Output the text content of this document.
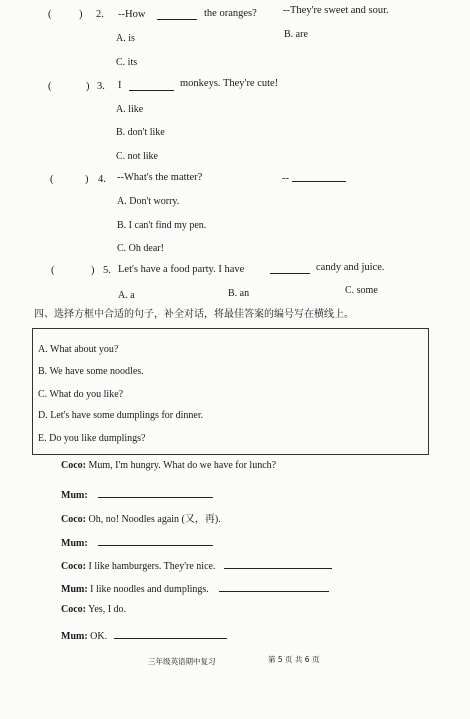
(	) 2. --How	the oranges? --They're sweet and sour.
A. is	B. are
C. its
(	) 3. I	monkeys. They're cute!
A. like
B. don't like
C. not like
(	) 4. --What's the matter?	--
A. Don't worry.
B. I can't find my pen.
C. Oh dear!
(	) 5. Let's have a food party. I have	candy and juice.
A. a	B. an	C. some
四、选择方框中合适的句子，补全对话，将最佳答案的编号写在横线上。
A. What about you?
B. We have some noodles.
C. What do you like?
D. Let's have some dumplings for dinner.
E. Do you like dumplings?
Coco: Mum, I'm hungry. What do we have for lunch?
Mum:
Coco: Oh, no! Noodles again (又，再).
Mum:
Coco: I like hamburgers. They're nice.
Mum: I like noodles and dumplings.
Coco: Yes, I do.
Mum: OK.
三年级英语期中复习	第 5 页 共 6 页
